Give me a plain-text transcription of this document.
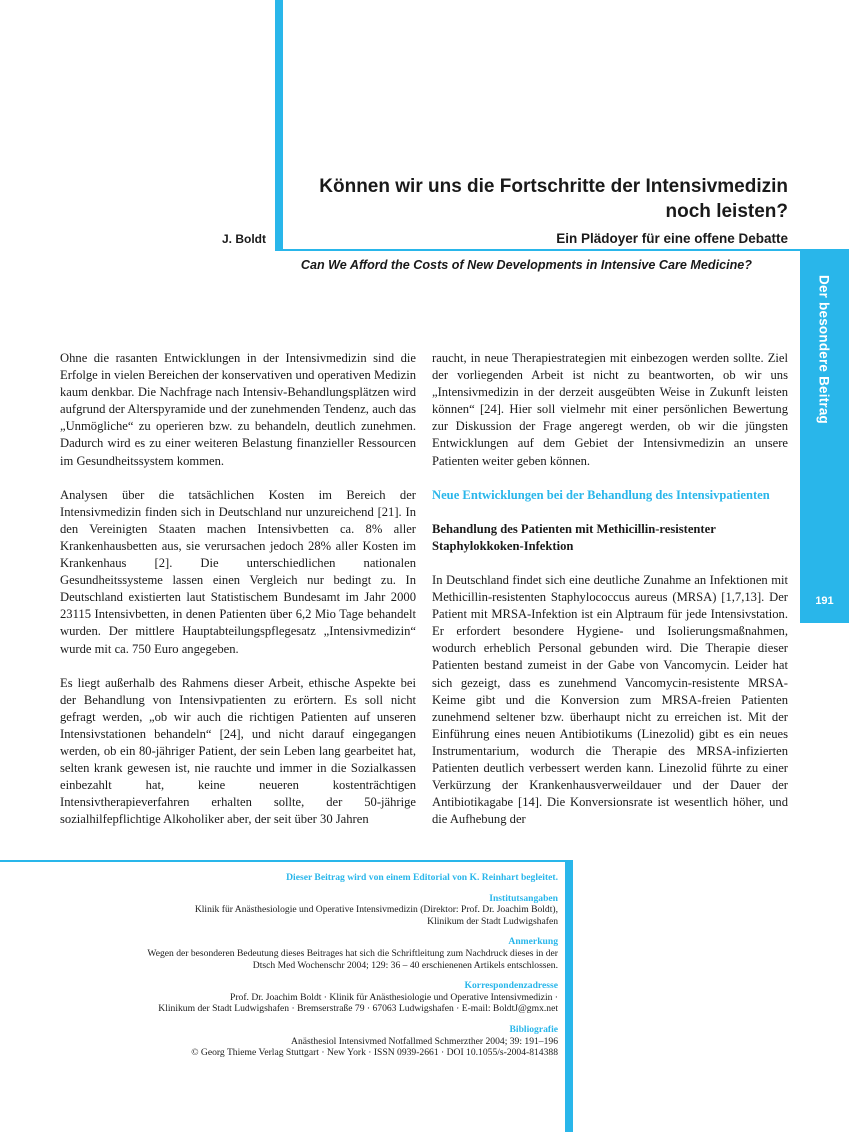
Der besondere Beitrag
191
Können wir uns die Fortschritte der Intensivmedizin
noch leisten?
J. Boldt	Ein Plädoyer für eine offene Debatte
Can We Afford the Costs of New Developments in Intensive Care Medicine?

Ohne die rasanten Entwicklungen in der Intensivmedizin sind die Erfolge in vielen Bereichen der konservativen und operativen Medizin kaum denkbar. Die Nachfrage nach Intensiv-Behandlungsplätzen wird aufgrund der Alterspyramide und der zunehmenden Tendenz, auch das „Unmögliche“ zu operieren bzw. zu behandeln, deutlich zunehmen. Dadurch wird es zu einer weiteren Belastung finanzieller Ressourcen im Gesundheitssystem kommen.

Analysen über die tatsächlichen Kosten im Bereich der Intensivmedizin finden sich in Deutschland nur unzureichend [21]. In den Vereinigten Staaten machen Intensivbetten ca. 8% aller Krankenhausbetten aus, sie verursachen jedoch 28% aller Kosten im Krankenhaus [2]. Die unterschiedlichen nationalen Gesundheitssysteme lassen einen Vergleich nur bedingt zu. In Deutschland existierten laut Statistischem Bundesamt im Jahr 2000 23115 Intensivbetten, in denen Patienten über 6,2 Mio Tage behandelt wurden. Der mittlere Hauptabteilungspflegesatz „Intensivmedizin“ wurde mit ca. 750 Euro angegeben.

Es liegt außerhalb des Rahmens dieser Arbeit, ethische Aspekte bei der Behandlung von Intensivpatienten zu erörtern. Es soll nicht gefragt werden, „ob wir auch die richtigen Patienten auf unseren Intensivstationen behandeln“ [24], und nicht darauf eingegangen werden, ob ein 80-jähriger Patient, der sein Leben lang gearbeitet hat, selten krank gewesen ist, nie rauchte und immer in die Sozialkassen einbezahlt hat, keine neueren kostenträchtigen Intensivtherapieverfahren erhalten sollte, der 50-jährige sozialhilfepflichtige Alkoholiker aber, der seit über 30 Jahren

raucht, in neue Therapiestrategien mit einbezogen werden sollte. Ziel der vorliegenden Arbeit ist nicht zu beantworten, ob wir uns „Intensivmedizin in der derzeit ausgeübten Weise in Zukunft leisten können“ [24]. Hier soll vielmehr mit einer persönlichen Bewertung zur Diskussion der Frage angeregt werden, ob wir die jüngsten Entwicklungen auf dem Gebiet der Intensivmedizin an unsere Patienten weiter geben können.

Neue Entwicklungen bei der Behandlung des Intensivpatienten

Behandlung des Patienten mit Methicillin-resistenter Staphylokkoken-Infektion

In Deutschland findet sich eine deutliche Zunahme an Infektionen mit Methicillin-resistenten Staphylococcus aureus (MRSA) [1,7,13]. Der Patient mit MRSA-Infektion ist ein Alptraum für jede Intensivstation. Er erfordert besondere Hygiene- und Isolierungsmaßnahmen, wodurch erheblich Personal gebunden wird. Die Therapie dieser Patienten bestand zumeist in der Gabe von Vancomycin. Leider hat sich gezeigt, dass es zunehmend Vancomycin-resistente MRSA-Keime gibt und die Konversion zum MRSA-freien Patienten zunehmend seltener bzw. überhaupt nicht zu erreichen ist. Mit der Einführung eines neuen Antibiotikums (Linezolid) gibt es ein neues Instrumentarium, wodurch die Therapie des MRSA-infizierten Patienten deutlich verbessert werden kann. Linezolid führte zu einer Verkürzung der Krankenhausverweildauer und der Dauer der Antibiotikagabe [14]. Die Konversionsrate ist wesentlich höher, und die Aufhebung der

Dieser Beitrag wird von einem Editorial von K. Reinhart begleitet.
Institutsangaben
Klinik für Anästhesiologie und Operative Intensivmedizin (Direktor: Prof. Dr. Joachim Boldt),
Klinikum der Stadt Ludwigshafen
Anmerkung
Wegen der besonderen Bedeutung dieses Beitrages hat sich die Schriftleitung zum Nachdruck dieses in der
Dtsch Med Wochenschr 2004; 129: 36 – 40 erschienenen Artikels entschlossen.
Korrespondenzadresse
Prof. Dr. Joachim Boldt · Klinik für Anästhesiologie und Operative Intensivmedizin ·
Klinikum der Stadt Ludwigshafen · Bremserstraße 79 · 67063 Ludwigshafen · E-mail: BoldtJ@gmx.net
Bibliografie
Anästhesiol Intensivmed Notfallmed Schmerzther 2004; 39: 191–196
© Georg Thieme Verlag Stuttgart · New York · ISSN 0939-2661 · DOI 10.1055/s-2004-814388
